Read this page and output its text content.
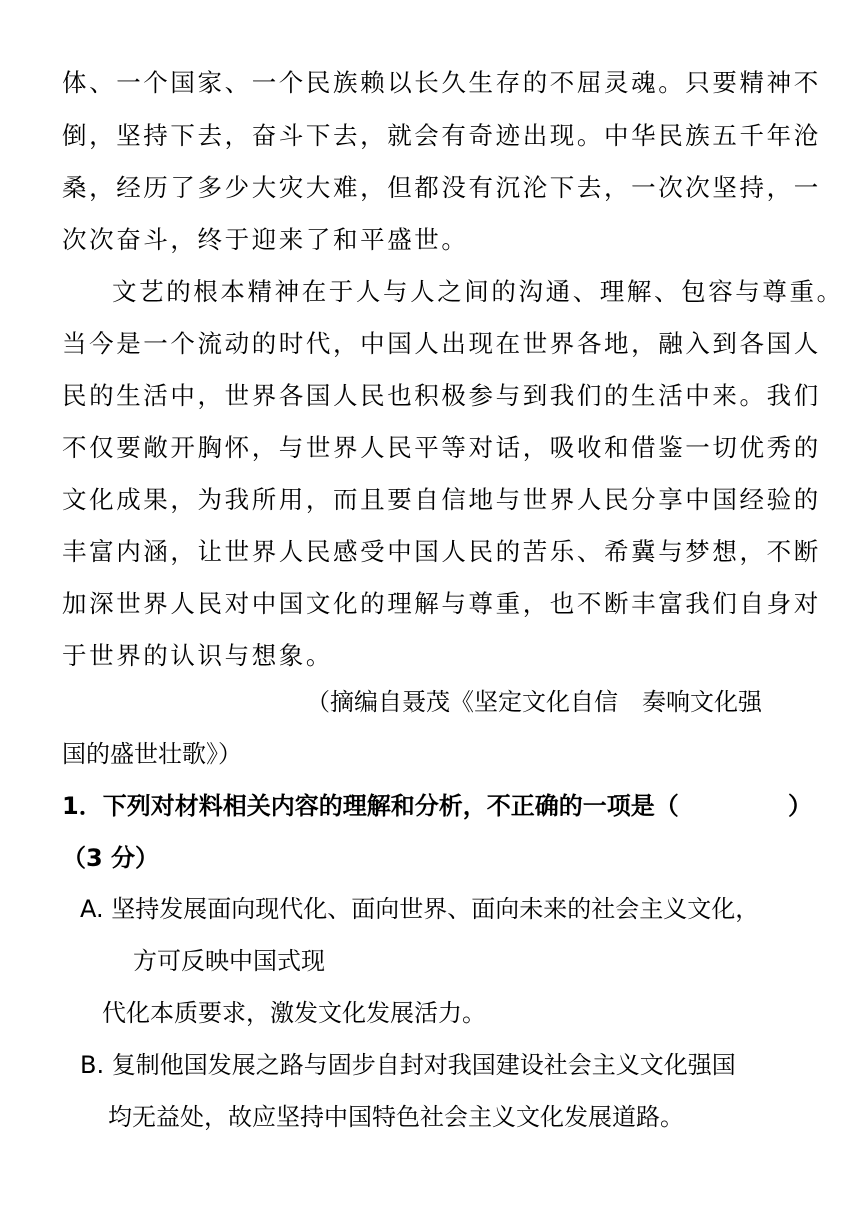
体、一个国家、一个民族赖以长久生存的不屈灵魂。只要精神不
倒，坚持下去，奋斗下去，就会有奇迹出现。中华民族五千年沧
桑，经历了多少大灾大难，但都没有沉沦下去，一次次坚持，一
次次奋斗，终于迎来了和平盛世。
文艺的根本精神在于人与人之间的沟通、理解、包容与尊重。
当今是一个流动的时代，中国人出现在世界各地，融入到各国人
民的生活中，世界各国人民也积极参与到我们的生活中来。我们
不仅要敞开胸怀，与世界人民平等对话，吸收和借鉴一切优秀的
文化成果，为我所用，而且要自信地与世界人民分享中国经验的
丰富内涵，让世界人民感受中国人民的苦乐、希冀与梦想，不断
加深世界人民对中国文化的理解与尊重，也不断丰富我们自身对
于世界的认识与想象。
（摘编自聂茂《坚定文化自信　奏响文化强
国的盛世壮歌》）
1．下列对材料相关内容的理解和分析，不正确的一项是（	）
（3 分）
A. 坚持发展面向现代化、面向世界、面向未来的社会主义文化，
方可反映中国式现
代化本质要求，激发文化发展活力。
B. 复制他国发展之路与固步自封对我国建设社会主义文化强国
均无益处，故应坚持中国特色社会主义文化发展道路。
